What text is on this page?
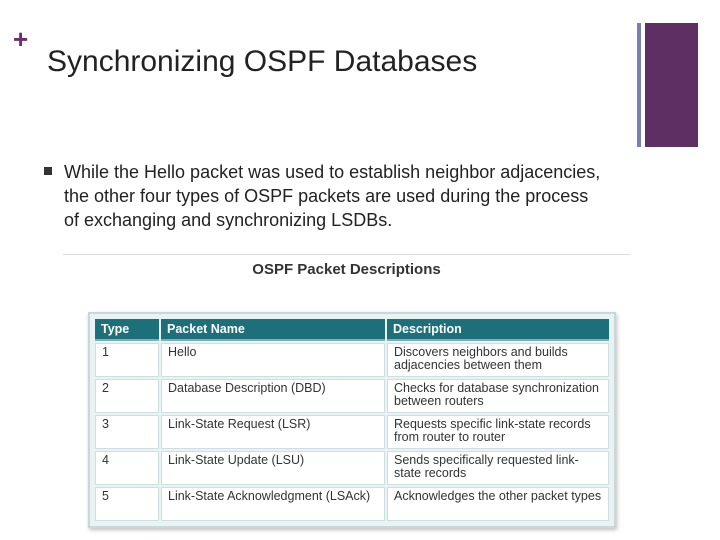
+
Synchronizing OSPF Databases
While the Hello packet was used to establish neighbor adjacencies, the other four types of OSPF packets are used during the process of exchanging and synchronizing LSDBs.
OSPF Packet Descriptions
Type	Packet Name	Description
1	Hello	Discovers neighbors and builds adjacencies between them
2	Database Description (DBD)	Checks for database synchronization between routers
3	Link-State Request (LSR)	Requests specific link-state records from router to router
4	Link-State Update (LSU)	Sends specifically requested link-state records
5	Link-State Acknowledgment (LSAck)	Acknowledges the other packet types
